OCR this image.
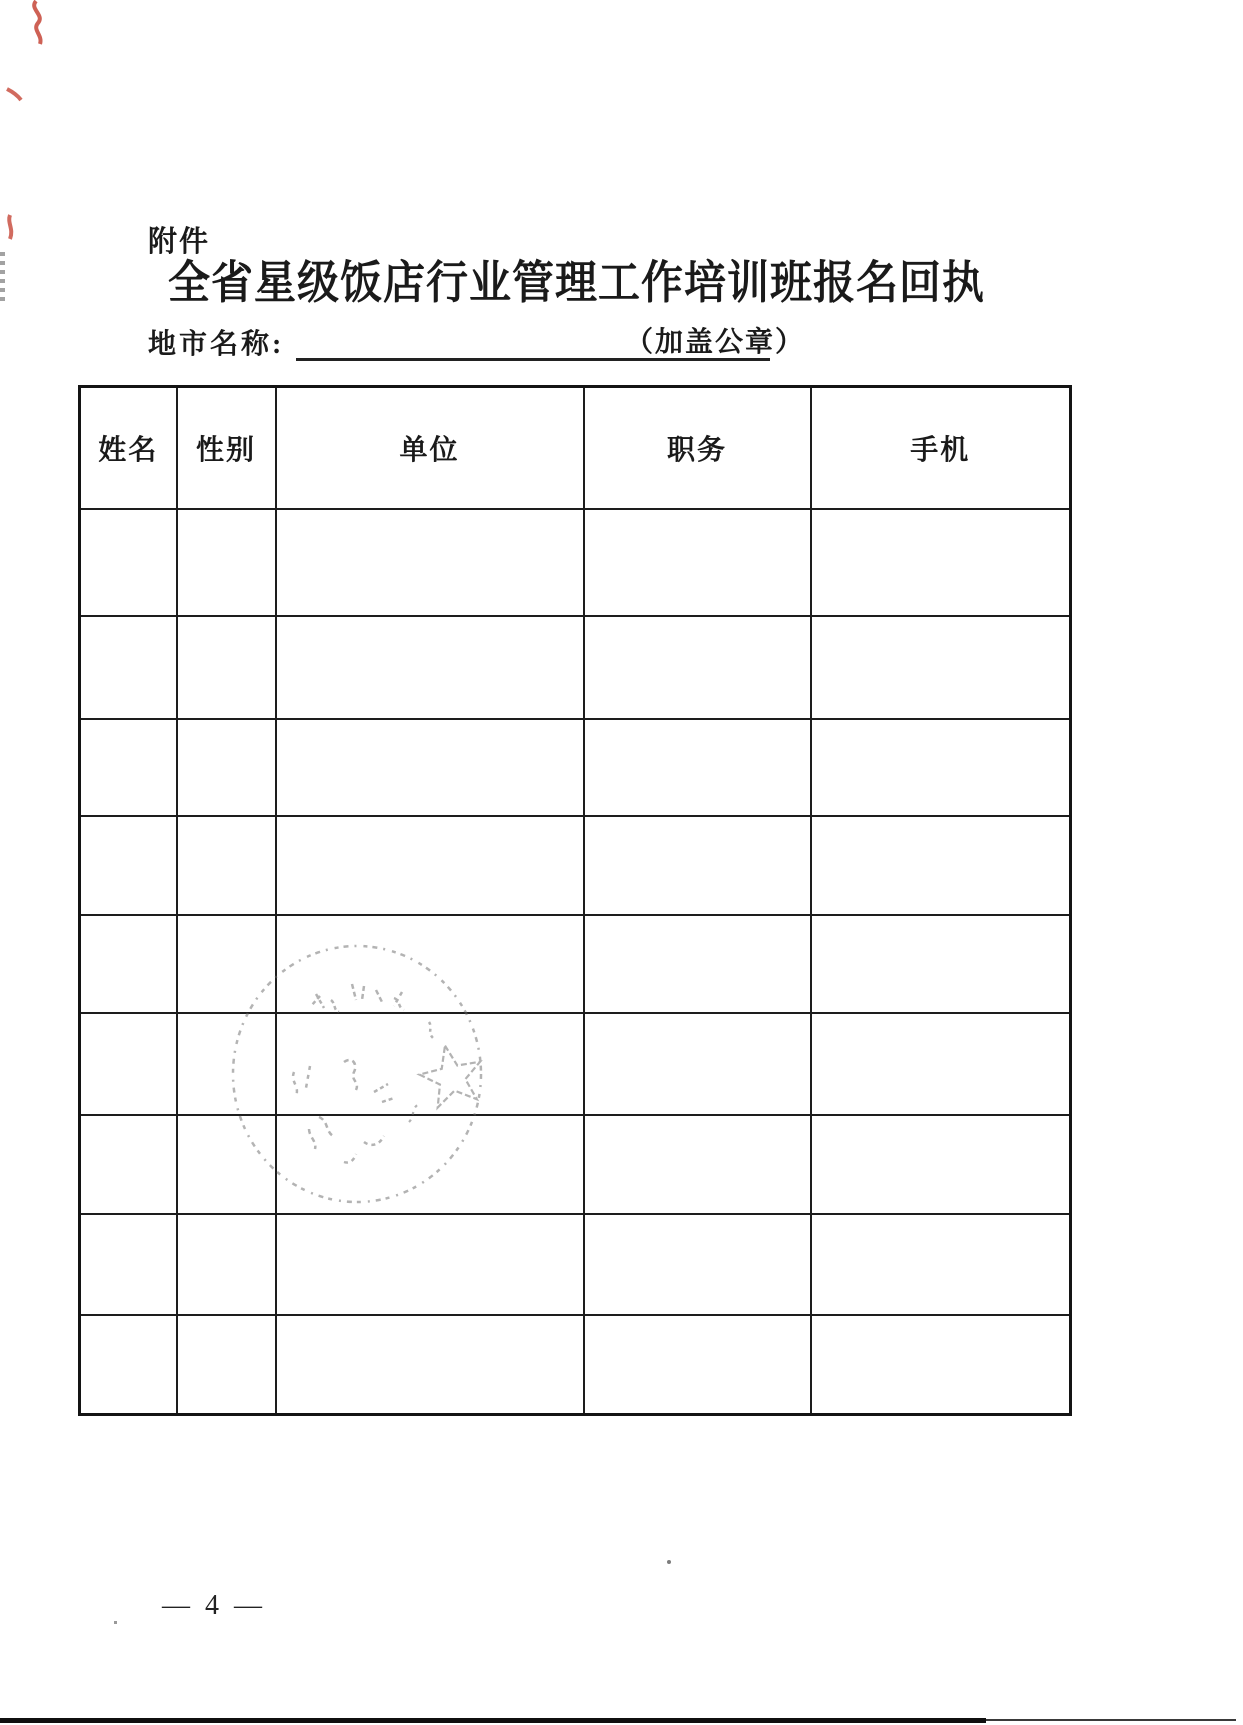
附件
全省星级饭店行业管理工作培训班报名回执
地市名称:	（加盖公章）
姓名	性别	单位	职务	手机

— 4 —
